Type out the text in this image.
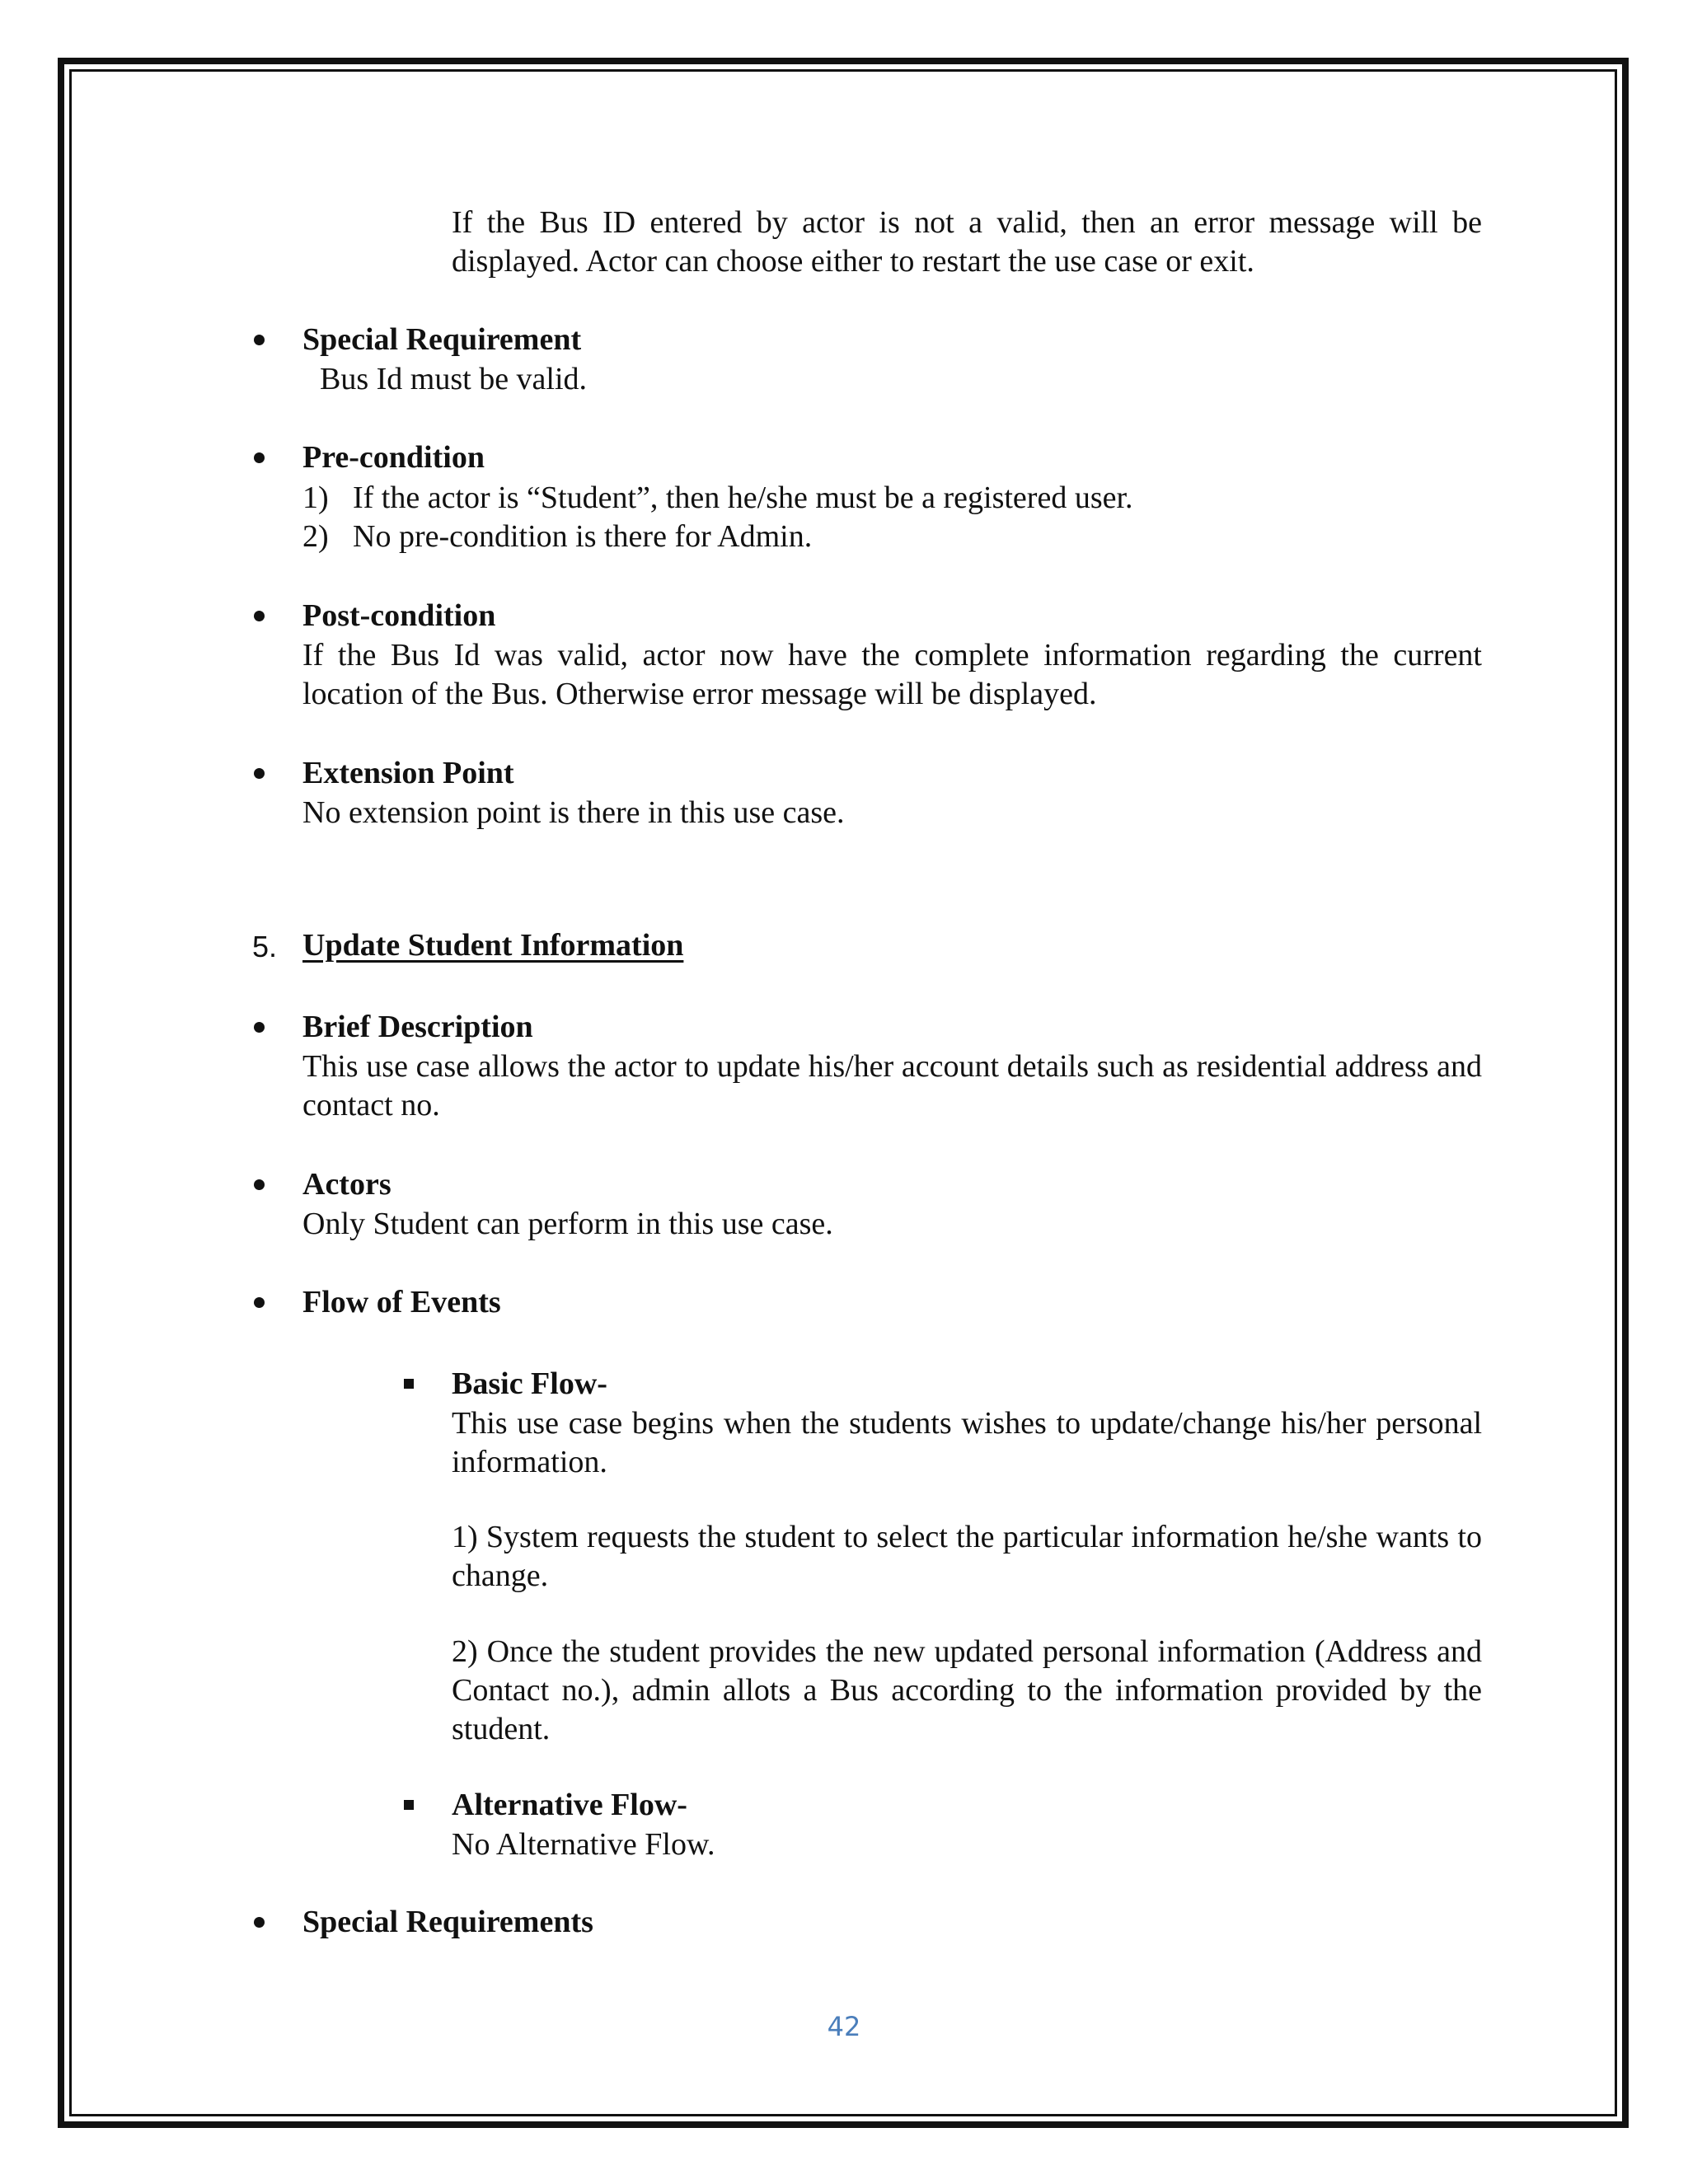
If the Bus ID entered by actor is not a valid, then an error message will be displayed. Actor can choose either to restart the use case or exit.

Special Requirement

Bus Id must be valid.

Pre-condition

1) If the actor is “Student”, then he/she must be a registered user.

2) No pre-condition is there for Admin.

Post-condition

If the Bus Id was valid, actor now have the complete information regarding the current location of the Bus. Otherwise error message will be displayed.

Extension Point

No extension point is there in this use case.

5. Update Student Information

Brief Description

This use case allows the actor to update his/her account details such as residential address and contact no.

Actors

Only Student can perform in this use case.

Flow of Events

Basic Flow-

This use case begins when the students wishes to update/change his/her personal information.

1) System requests the student to select the particular information he/she wants to change.

2) Once the student provides the new updated personal information (Address and Contact no.), admin allots a Bus according to the information provided by the student.

Alternative Flow-

No Alternative Flow.

Special Requirements

42
